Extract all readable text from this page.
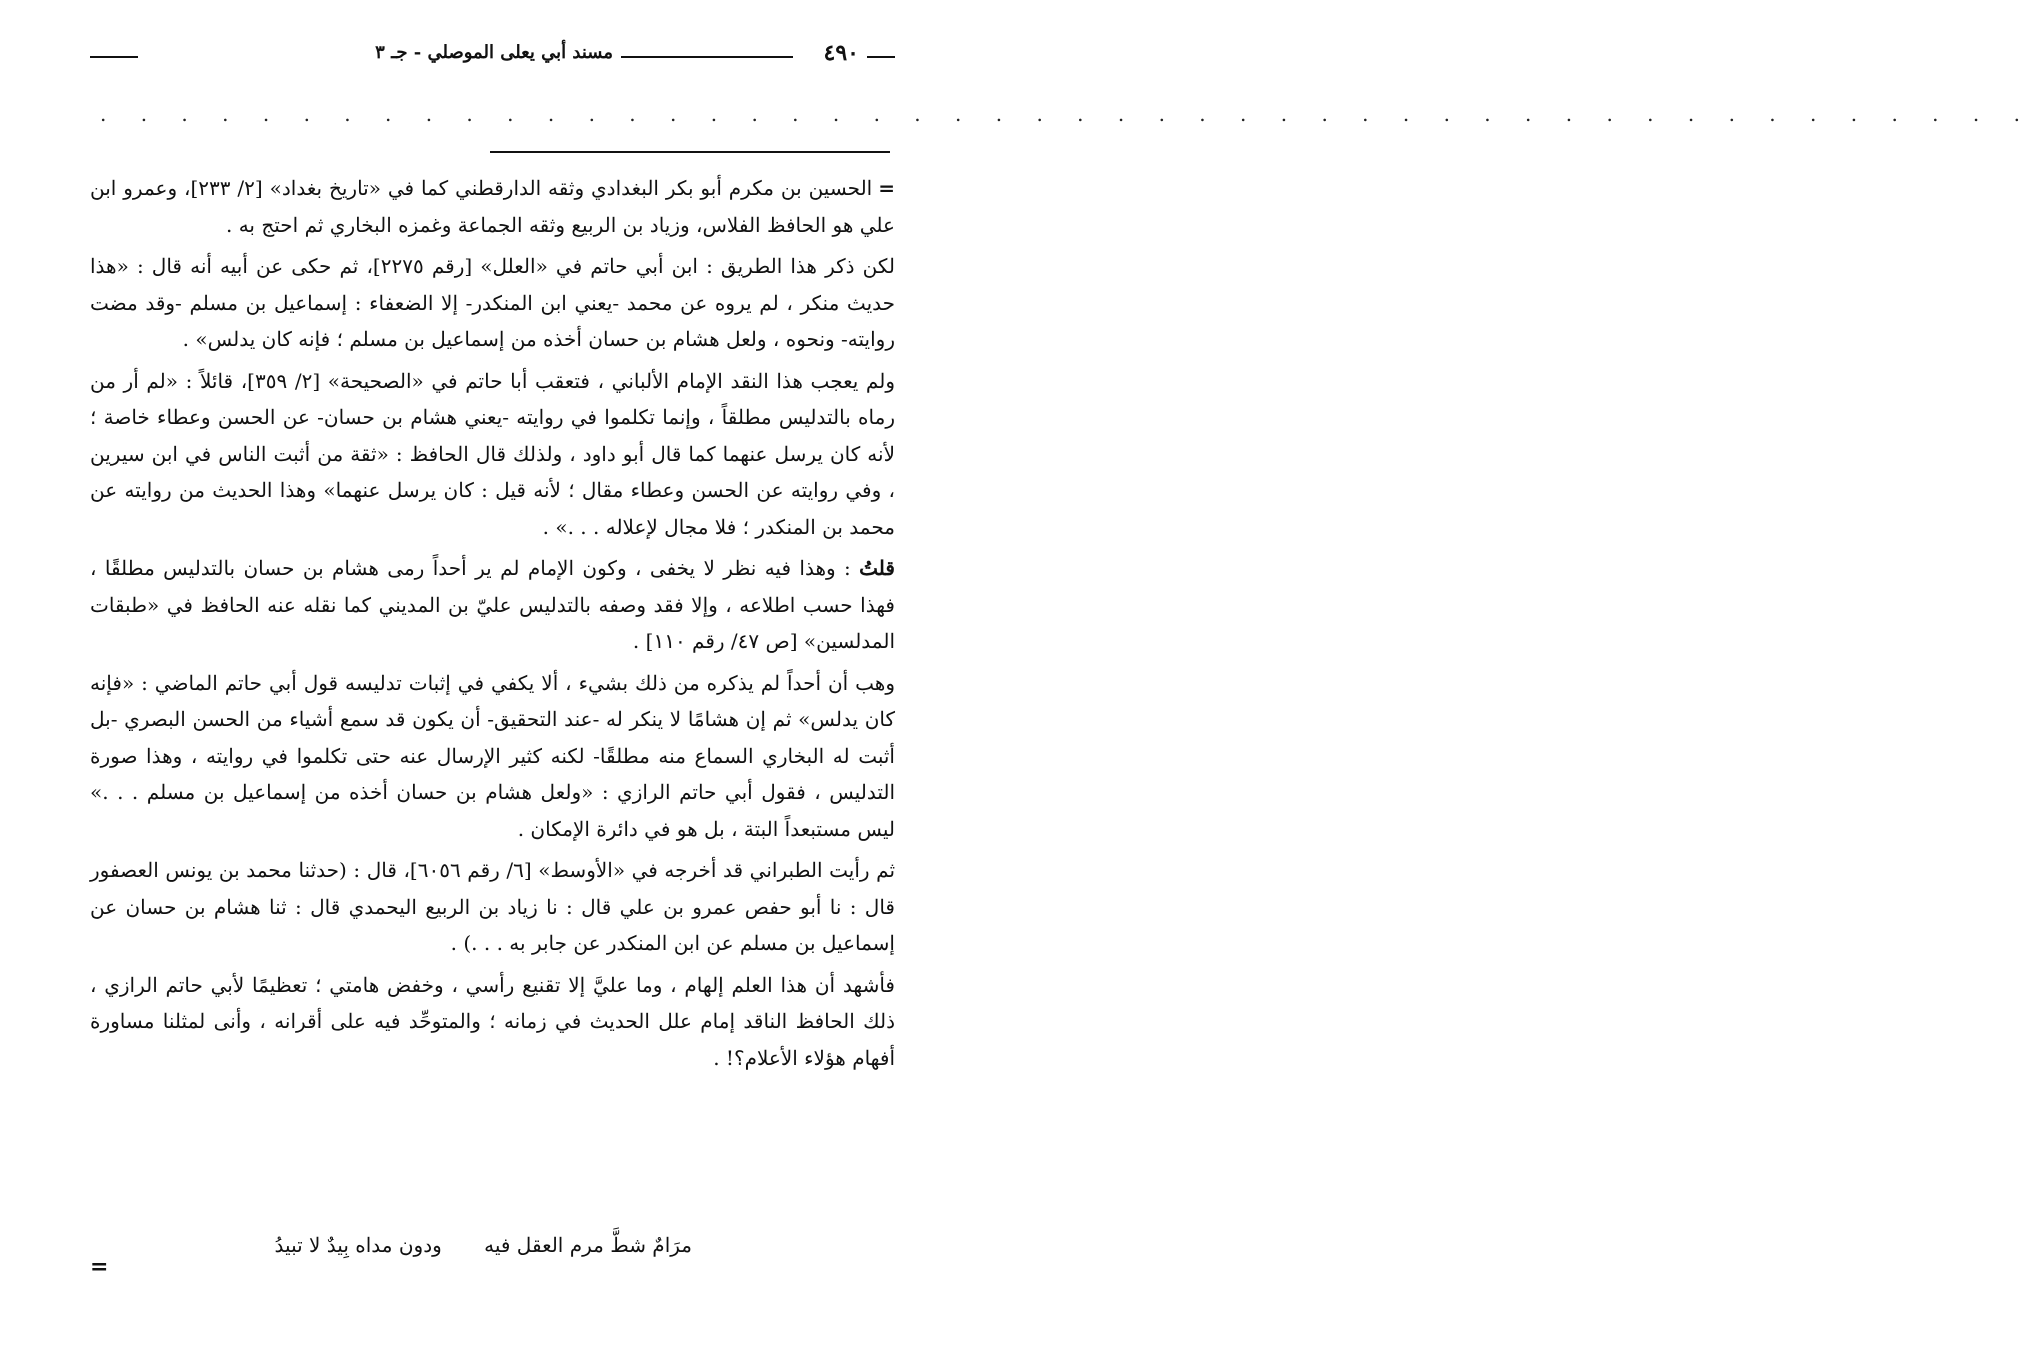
٤٩٠
مسند أبي يعلى الموصلي - جـ ٣
. . . . . . . . . . . . . . . . . . . . . . . . . . . . . . . . . . . . . . . . . . . . . . . .

=الحسين بن مكرم أبو بكر البغدادي وثقه الدارقطني كما في «تاريخ بغداد» [٢/ ٢٣٣]، وعمرو ابن علي هو الحافظ الفلاس، وزياد بن الربيع وثقه الجماعة وغمزه البخاري ثم احتج به .

لكن ذكر هذا الطريق : ابن أبي حاتم في «العلل» [رقم ٢٢٧٥]، ثم حكى عن أبيه أنه قال : «هذا حديث منكر ، لم يروه عن محمد -يعني ابن المنكدر- إلا الضعفاء : إسماعيل بن مسلم -وقد مضت روايته- ونحوه ، ولعل هشام بن حسان أخذه من إسماعيل بن مسلم ؛ فإنه كان يدلس» .

ولم يعجب هذا النقد الإمام الألباني ، فتعقب أبا حاتم في «الصحيحة» [٢/ ٣٥٩]، قائلاً : «لم أر من رماه بالتدليس مطلقاً ، وإنما تكلموا في روايته -يعني هشام بن حسان- عن الحسن وعطاء خاصة ؛ لأنه كان يرسل عنهما كما قال أبو داود ، ولذلك قال الحافظ : «ثقة من أثبت الناس في ابن سيرين ، وفي روايته عن الحسن وعطاء مقال ؛ لأنه قيل : كان يرسل عنهما» وهذا الحديث من روايته عن محمد بن المنكدر ؛ فلا مجال لإعلاله . . .» .

قلتُ : وهذا فيه نظر لا يخفى ، وكون الإمام لم ير أحداً رمى هشام بن حسان بالتدليس مطلقًا ، فهذا حسب اطلاعه ، وإلا فقد وصفه بالتدليس عليّ بن المديني كما نقله عنه الحافظ في «طبقات المدلسين» [ص ٤٧/ رقم ١١٠] .

وهب أن أحداً لم يذكره من ذلك بشيء ، ألا يكفي في إثبات تدليسه قول أبي حاتم الماضي : «فإنه كان يدلس» ثم إن هشامًا لا ينكر له -عند التحقيق- أن يكون قد سمع أشياء من الحسن البصري -بل أثبت له البخاري السماع منه مطلقًا- لكنه كثير الإرسال عنه حتى تكلموا في روايته ، وهذا صورة التدليس ، فقول أبي حاتم الرازي : «ولعل هشام بن حسان أخذه من إسماعيل بن مسلم . . .» ليس مستبعداً البتة ، بل هو في دائرة الإمكان .

ثم رأيت الطبراني قد أخرجه في «الأوسط» [٦/ رقم ٦٠٥٦]، قال : (حدثنا محمد بن يونس العصفور قال : نا أبو حفص عمرو بن علي قال : نا زياد بن الربيع اليحمدي قال : ثنا هشام بن حسان عن إسماعيل بن مسلم عن ابن المنكدر عن جابر به . . .) .

فأشهد أن هذا العلم إلهام ، وما عليَّ إلا تقنيع رأسي ، وخفض هامتي ؛ تعظيمًا لأبي حاتم الرازي ، ذلك الحافظ الناقد إمام علل الحديث في زمانه ؛ والمتوحِّد فيه على أقرانه ، وأنى لمثلنا مساورة أفهام هؤلاء الأعلام؟! .

مرَامٌ شطَّ مرم العقل فيه ودون مداه بِيدٌ لا تبيدُ
=
